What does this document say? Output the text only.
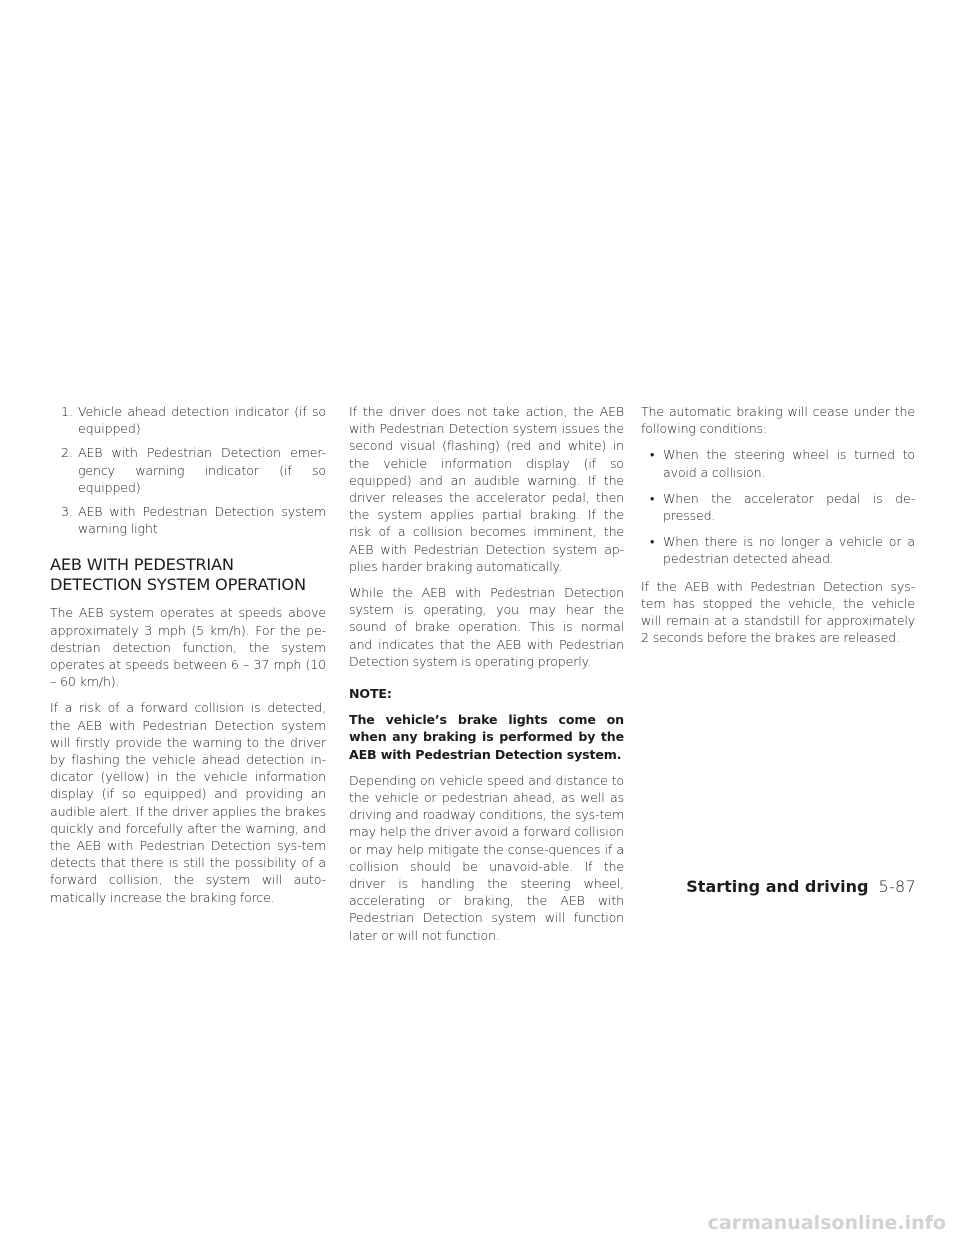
1. Vehicle ahead detection indicator (if so equipped)
2. AEB with Pedestrian Detection emer-gency warning indicator (if so equipped)
3. AEB with Pedestrian Detection system warning light
AEB WITH PEDESTRIAN DETECTION SYSTEM OPERATION

The AEB system operates at speeds above approximately 3 mph (5 km/h). For the pe-destrian detection function, the system operates at speeds between 6 – 37 mph (10 – 60 km/h).

If a risk of a forward collision is detected, the AEB with Pedestrian Detection system will firstly provide the warning to the driver by flashing the vehicle ahead detection in-dicator (yellow) in the vehicle information display (if so equipped) and providing an audible alert. If the driver applies the brakes quickly and forcefully after the warning, and the AEB with Pedestrian Detection sys-tem detects that there is still the possibility of a forward collision, the system will auto-matically increase the braking force.

If the driver does not take action, the AEB with Pedestrian Detection system issues the second visual (flashing) (red and white) in the vehicle information display (if so equipped) and an audible warning. If the driver releases the accelerator pedal, then the system applies partial braking. If the risk of a collision becomes imminent, the AEB with Pedestrian Detection system ap-plies harder braking automatically.

While the AEB with Pedestrian Detection system is operating, you may hear the sound of brake operation. This is normal and indicates that the AEB with Pedestrian Detection system is operating properly.

NOTE:

The vehicle’s brake lights come on when any braking is performed by the AEB with Pedestrian Detection system.

Depending on vehicle speed and distance to the vehicle or pedestrian ahead, as well as driving and roadway conditions, the sys-tem may help the driver avoid a forward collision or may help mitigate the conse-quences if a collision should be unavoid-able. If the driver is handling the steering wheel, accelerating or braking, the AEB with Pedestrian Detection system will function later or will not function.

The automatic braking will cease under the following conditions:

• When the steering wheel is turned to avoid a collision.
• When the accelerator pedal is de-pressed.
• When there is no longer a vehicle or a pedestrian detected ahead.

If the AEB with Pedestrian Detection sys-tem has stopped the vehicle, the vehicle will remain at a standstill for approximately 2 seconds before the brakes are released.

Starting and driving 5-87
carmanualsonline.info
